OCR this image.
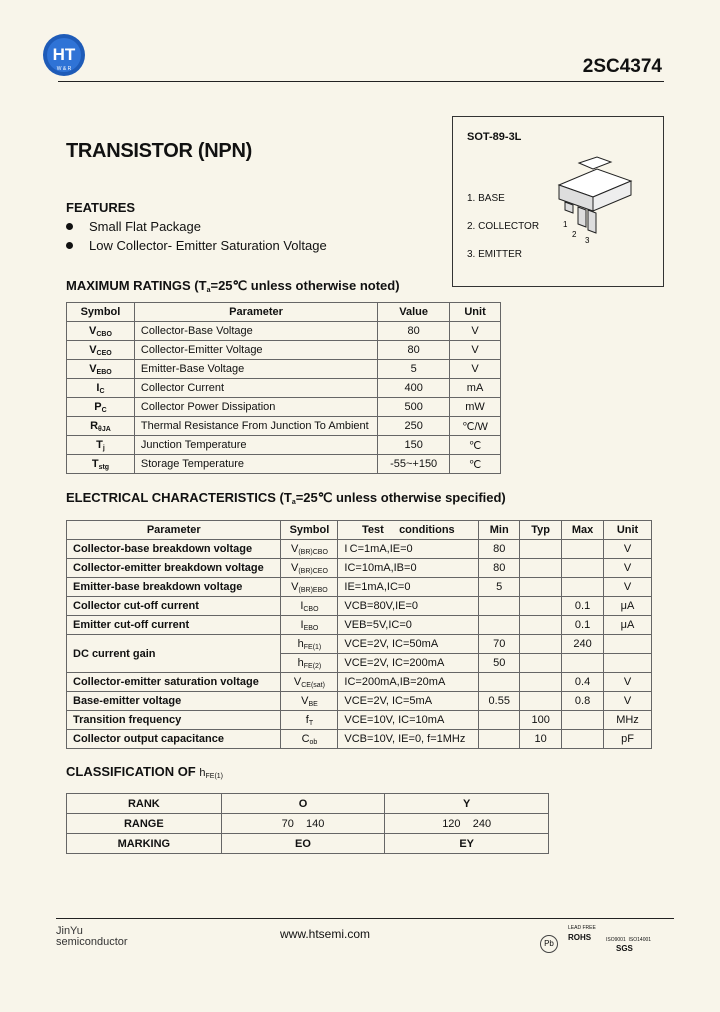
HT
W & R	2SC4374
TRANSISTOR (NPN)
SOT-89-3L
1. BASE
2. COLLECTOR
3. EMITTER
1
2
3
FEATURES
Small Flat Package
Low Collector- Emitter Saturation Voltage
MAXIMUM RATINGS ($T_a=25℃$ unless otherwise noted)
Symbol	Parameter	Value	Unit
$V_{CBO}$	Collector-Base Voltage	80	V
$V_{CEO}$	Collector-Emitter Voltage	80	V
$V_{EBO}$	Emitter-Base Voltage	5	V
$I_C$	Collector Current	400	mA
$P_C$	Collector Power Dissipation	500	mW
$R_{\theta JA}$	Thermal Resistance From Junction To Ambient	250	℃/W
$T_j$	Junction Temperature	150	℃
$T_{stg}$	Storage Temperature	-55~+150	℃
ELECTRICAL CHARACTERISTICS ($T_a=25℃$ unless otherwise specified)
Parameter	Symbol	Test     conditions	Min	Typ	Max	Unit
Collector-base breakdown voltage	$V_{(BR)CBO}$	I C=1mA,IE=0	80			V
Collector-emitter breakdown voltage	$V_{(BR)CEO}$	IC=10mA,IB=0	80			V
Emitter-base breakdown voltage	$V_{(BR)EBO}$	IE=1mA,IC=0	5			V
Collector cut-off current	$I_{CBO}$	VCB=80V,IE=0			0.1	μA
Emitter cut-off current	$I_{EBO}$	VEB=5V,IC=0			0.1	μA
DC current gain	$h_{FE(1)}$	VCE=2V, IC=50mA	70		240	
	$h_{FE(2)}$	VCE=2V, IC=200mA	50			
Collector-emitter saturation voltage	$V_{CE(sat)}$	IC=200mA,IB=20mA			0.4	V
Base-emitter voltage	$V_{BE}$	VCE=2V, IC=5mA	0.55		0.8	V
Transition frequency	$f_T$	VCE=10V, IC=10mA		100		MHz
Collector output capacitance	$C_{ob}$	VCB=10V, IE=0, f=1MHz		10		pF
CLASSIFICATION OF $h_{FE(1)}$
RANK	O	Y
RANGE	70    140	120    240
MARKING	EO	EY
JinYu
semiconductor
www.htsemi.com
Pb
LEAD FREE
ROHS	ISO9001  ISO14001
SGS
